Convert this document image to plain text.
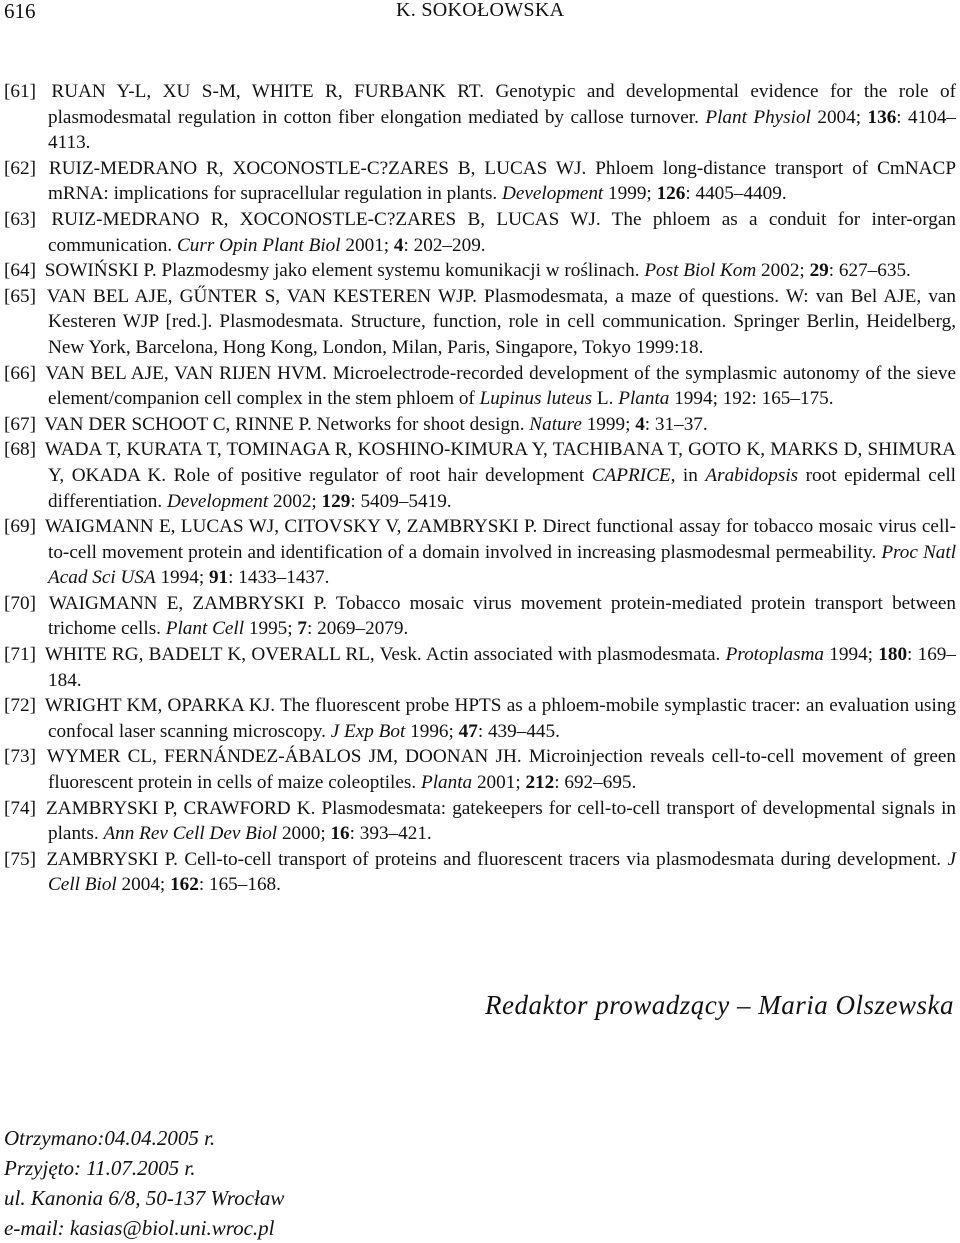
616	K. SOKOŁOWSKA
[61] RUAN Y-L, XU S-M, WHITE R, FURBANK RT. Genotypic and developmental evidence for the role of plasmodesmatal regulation in cotton fiber elongation mediated by callose turnover. Plant Physiol 2004; 136: 4104–4113.
[62] RUIZ-MEDRANO R, XOCONOSTLE-C?ZARES B, LUCAS WJ. Phloem long-distance transport of CmNACP mRNA: implications for supracellular regulation in plants. Development 1999; 126: 4405–4409.
[63] RUIZ-MEDRANO R, XOCONOSTLE-C?ZARES B, LUCAS WJ. The phloem as a conduit for inter-organ communication. Curr Opin Plant Biol 2001; 4: 202–209.
[64] SOWIŃSKI P. Plazmodesmy jako element systemu komunikacji w roślinach. Post Biol Kom 2002; 29: 627–635.
[65] VAN BEL AJE, GŰNTER S, VAN KESTEREN WJP. Plasmodesmata, a maze of questions. W: van Bel AJE, van Kesteren WJP [red.]. Plasmodesmata. Structure, function, role in cell communication. Springer Berlin, Heidelberg, New York, Barcelona, Hong Kong, London, Milan, Paris, Singapore, Tokyo 1999:18.
[66] VAN BEL AJE, VAN RIJEN HVM. Microelectrode-recorded development of the symplasmic autonomy of the sieve element/companion cell complex in the stem phloem of Lupinus luteus L. Planta 1994; 192: 165–175.
[67] VAN DER SCHOOT C, RINNE P. Networks for shoot design. Nature 1999; 4: 31–37.
[68] WADA T, KURATA T, TOMINAGA R, KOSHINO-KIMURA Y, TACHIBANA T, GOTO K, MARKS D, SHIMURA Y, OKADA K. Role of positive regulator of root hair development CAPRICE, in Arabidopsis root epidermal cell differentiation. Development 2002; 129: 5409–5419.
[69] WAIGMANN E, LUCAS WJ, CITOVSKY V, ZAMBRYSKI P. Direct functional assay for tobacco mosaic virus cell-to-cell movement protein and identification of a domain involved in increasing plasmodesmal permeability. Proc Natl Acad Sci USA 1994; 91: 1433–1437.
[70] WAIGMANN E, ZAMBRYSKI P. Tobacco mosaic virus movement protein-mediated protein transport between trichome cells. Plant Cell 1995; 7: 2069–2079.
[71] WHITE RG, BADELT K, OVERALL RL, Vesk. Actin associated with plasmodesmata. Protoplasma 1994; 180: 169–184.
[72] WRIGHT KM, OPARKA KJ. The fluorescent probe HPTS as a phloem-mobile symplastic tracer: an evaluation using confocal laser scanning microscopy. J Exp Bot 1996; 47: 439–445.
[73] WYMER CL, FERNÁNDEZ-ÁBALOS JM, DOONAN JH. Microinjection reveals cell-to-cell movement of green fluorescent protein in cells of maize coleoptiles. Planta 2001; 212: 692–695.
[74] ZAMBRYSKI P, CRAWFORD K. Plasmodesmata: gatekeepers for cell-to-cell transport of developmental signals in plants. Ann Rev Cell Dev Biol 2000; 16: 393–421.
[75] ZAMBRYSKI P. Cell-to-cell transport of proteins and fluorescent tracers via plasmodesmata during development. J Cell Biol 2004; 162: 165–168.
Redaktor prowadzący – Maria Olszewska
Otrzymano:04.04.2005 r.
Przyjęto: 11.07.2005 r.
ul. Kanonia 6/8, 50-137 Wrocław
e-mail: kasias@biol.uni.wroc.pl
